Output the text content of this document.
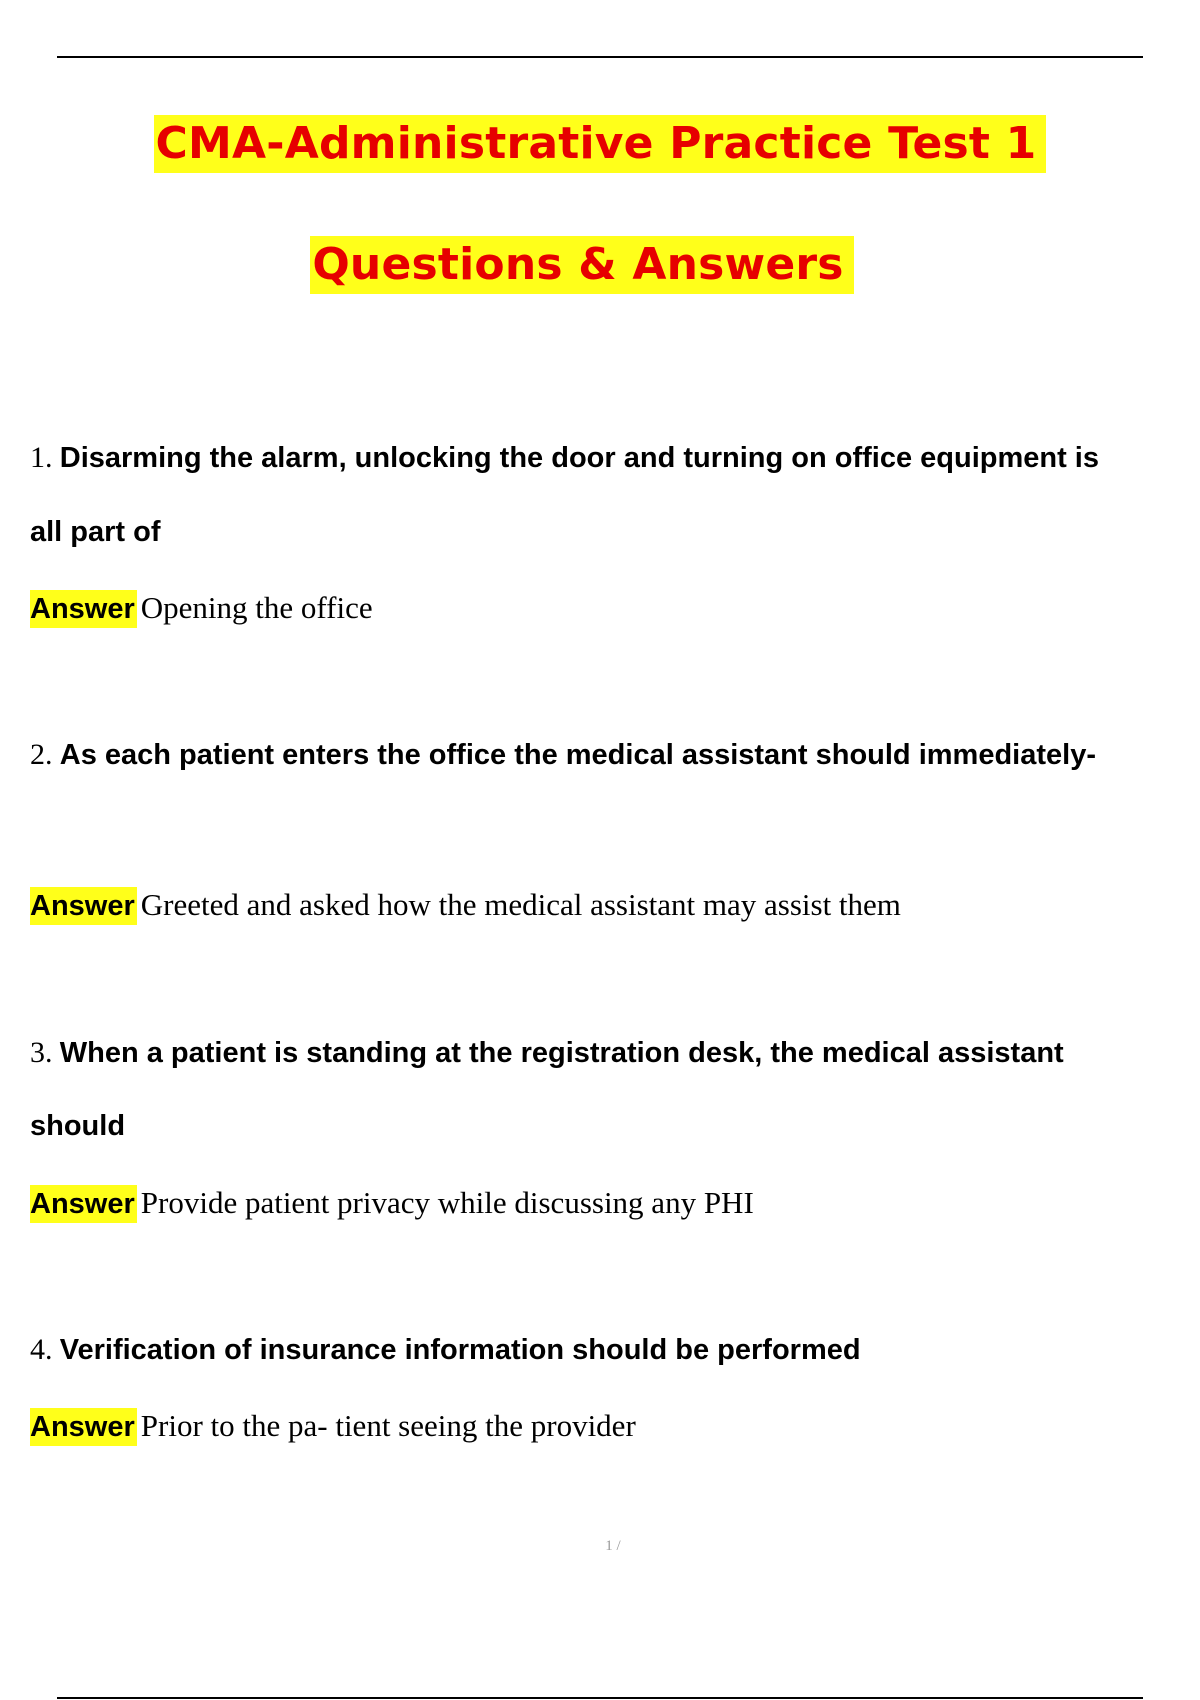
CMA-Administrative Practice Test 1
Questions & Answers
1. Disarming the alarm, unlocking the door and turning on office equipment is
all part of
Answer Opening the office
2. As each patient enters the office the medical assistant should immediately-
Answer Greeted and asked how the medical assistant may assist them
3. When a patient is standing at the registration desk, the medical assistant
should
Answer Provide patient privacy while discussing any PHI
4. Verification of insurance information should be performed
Answer Prior to the pa- tient seeing the provider
1 /
